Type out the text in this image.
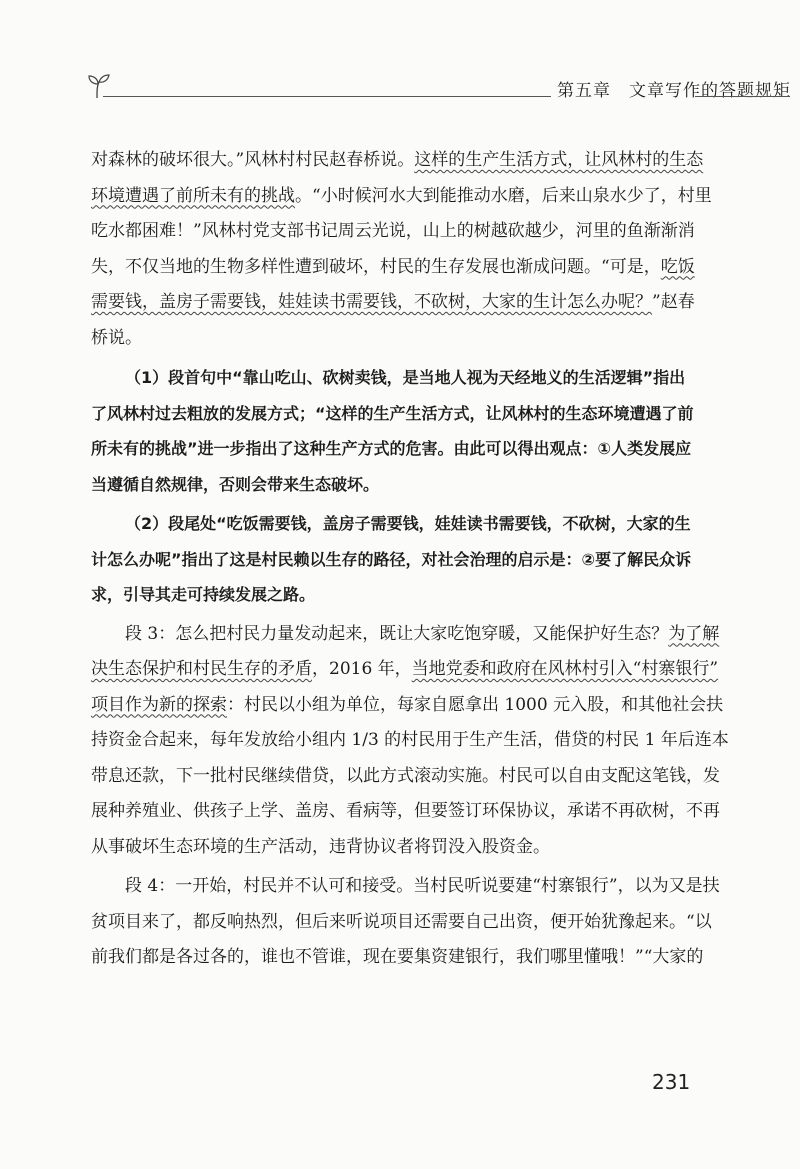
第五章　文章写作的答题规矩
对森林的破坏很大。”风林村村民赵春桥说。这样的生产生活方式，让风林村的生态
环境遭遇了前所未有的挑战。“小时候河水大到能推动水磨，后来山泉水少了，村里
吃水都困难！”风林村党支部书记周云光说，山上的树越砍越少，河里的鱼渐渐消
失，不仅当地的生物多样性遭到破坏，村民的生存发展也渐成问题。“可是，吃饭
需要钱，盖房子需要钱，娃娃读书需要钱，不砍树，大家的生计怎么办呢？”赵春
桥说。
（1）段首句中“靠山吃山、砍树卖钱，是当地人视为天经地义的生活逻辑”指出
了风林村过去粗放的发展方式；“这样的生产生活方式，让风林村的生态环境遭遇了前
所未有的挑战”进一步指出了这种生产方式的危害。由此可以得出观点：①人类发展应
当遵循自然规律，否则会带来生态破坏。
（2）段尾处“吃饭需要钱，盖房子需要钱，娃娃读书需要钱，不砍树，大家的生
计怎么办呢”指出了这是村民赖以生存的路径，对社会治理的启示是：②要了解民众诉
求，引导其走可持续发展之路。
段 3：怎么把村民力量发动起来，既让大家吃饱穿暖，又能保护好生态？为了解
决生态保护和村民生存的矛盾，2016 年，当地党委和政府在风林村引入“村寨银行”
项目作为新的探索：村民以小组为单位，每家自愿拿出 1000 元入股，和其他社会扶
持资金合起来，每年发放给小组内 1/3 的村民用于生产生活，借贷的村民 1 年后连本
带息还款，下一批村民继续借贷，以此方式滚动实施。村民可以自由支配这笔钱，发
展种养殖业、供孩子上学、盖房、看病等，但要签订环保协议，承诺不再砍树，不再
从事破坏生态环境的生产活动，违背协议者将罚没入股资金。
段 4：一开始，村民并不认可和接受。当村民听说要建“村寨银行”，以为又是扶
贫项目来了，都反响热烈，但后来听说项目还需要自己出资，便开始犹豫起来。“以
前我们都是各过各的，谁也不管谁，现在要集资建银行，我们哪里懂哦！”“大家的
231
